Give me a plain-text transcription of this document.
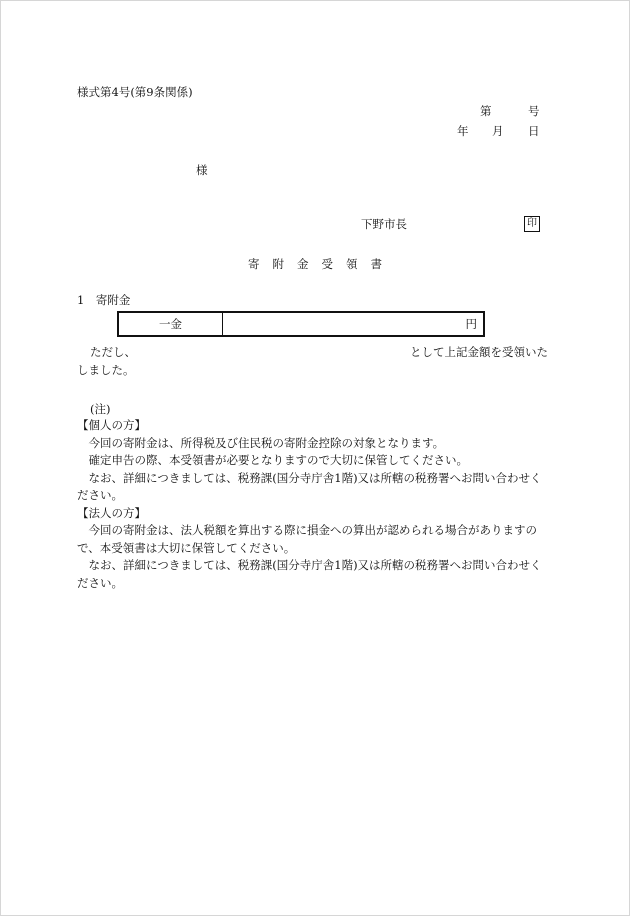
様式第4号(第9条関係)
第	号
年 月 日
様
下野市長	印
寄附金受領書
1　寄附金
一金	円
ただし、	として上記金額を受領いた
しました。
(注)

【個人の方】

今回の寄附金は、所得税及び住民税の寄附金控除の対象となります。

確定申告の際、本受領書が必要となりますので大切に保管してください。

なお、詳細につきましては、税務課(国分寺庁舎1階)又は所轄の税務署へお問い合わせく

ださい。

【法人の方】

今回の寄附金は、法人税額を算出する際に損金への算出が認められる場合がありますの

で、本受領書は大切に保管してください。

なお、詳細につきましては、税務課(国分寺庁舎1階)又は所轄の税務署へお問い合わせく

ださい。
